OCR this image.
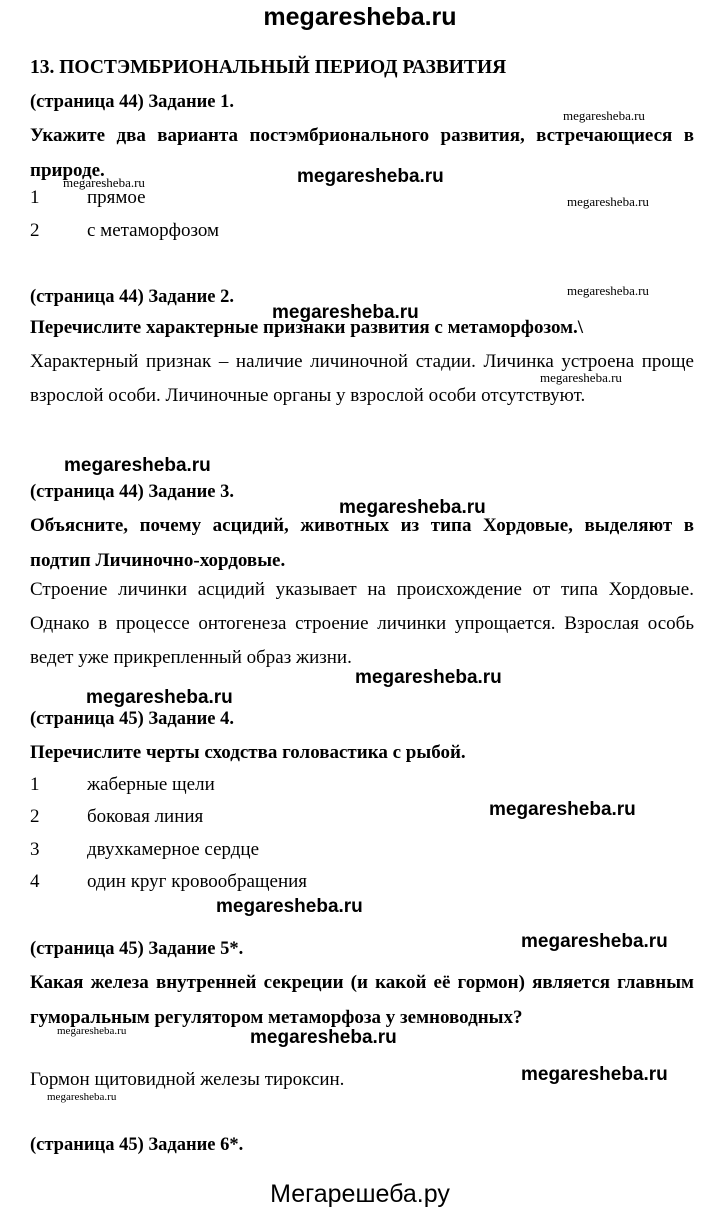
megaresheba.ru
Мегарешеба.ру
13. ПОСТЭМБРИОНАЛЬНЫЙ ПЕРИОД РАЗВИТИЯ
(страница 44) Задание 1.
Укажите два варианта постэмбрионального развития, встречающиеся в природе.
1	прямое
2	с метаморфозом
(страница 44) Задание 2.
Перечислите характерные признаки развития с метаморфозом.\
Характерный признак – наличие личиночной стадии. Личинка устроена проще взрослой особи. Личиночные органы у взрослой особи отсутствуют.
(страница 44) Задание 3.
Объясните, почему асцидий, животных из типа Хордовые, выделяют в подтип Личиночно-хордовые.
Строение личинки асцидий указывает на происхождение от типа Хордовые. Однако в процессе онтогенеза строение личинки упрощается. Взрослая особь ведет уже прикрепленный образ жизни.
(страница 45) Задание 4.
Перечислите черты сходства головастика с рыбой.
1	жаберные щели
2	боковая линия
3	двухкамерное сердце
4	один круг кровообращения
(страница 45) Задание 5*.
Какая железа внутренней секреции (и какой её гормон) является главным гуморальным регулятором метаморфоза у земноводных?
Гормон щитовидной железы тироксин.
(страница 45) Задание 6*.
megaresheba.ru
megaresheba.ru	megaresheba.ru
megaresheba.ru
megaresheba.ru
megaresheba.ru
megaresheba.ru
megaresheba.ru
megaresheba.ru
megaresheba.ru
megaresheba.ru
megaresheba.ru
megaresheba.ru
megaresheba.ru
megaresheba.ru	megaresheba.ru
megaresheba.ru
megaresheba.ru
